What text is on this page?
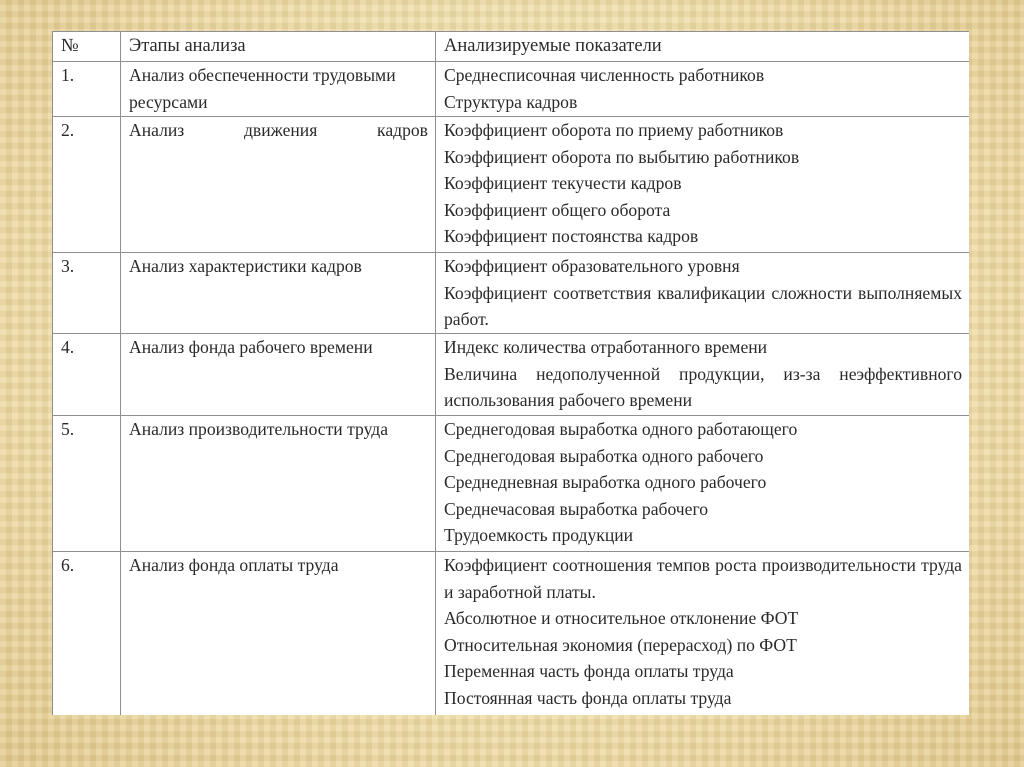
№	Этапы анализа	Анализируемые показатели
1.	Анализ обеспеченности трудовыми ресурсами	Среднесписочная численность работников
Структура кадров

2.	Анализ движения кадров	Коэффициент оборота по приему работников
Коэффициент оборота по выбытию работников
Коэффициент текучести кадров
Коэффициент общего оборота
Коэффициент постоянства кадров

3.	Анализ характеристики кадров	Коэффициент образовательного уровня
Коэффициент соответствия квалификации сложности выполняемых работ.

4.	Анализ фонда рабочего времени	Индекс количества отработанного времени
Величина недополученной продукции, из-за неэффективного использования рабочего времени

5.	Анализ производительности труда	Среднегодовая выработка одного работающего
Среднегодовая выработка одного рабочего
Среднедневная выработка одного рабочего
Среднечасовая выработка рабочего
Трудоемкость продукции

6.	Анализ фонда оплаты труда	Коэффициент соотношения темпов роста производительности труда и заработной платы.
Абсолютное и относительное отклонение ФОТ
Относительная экономия (перерасход) по ФОТ
Переменная часть фонда оплаты труда
Постоянная часть фонда оплаты труда
